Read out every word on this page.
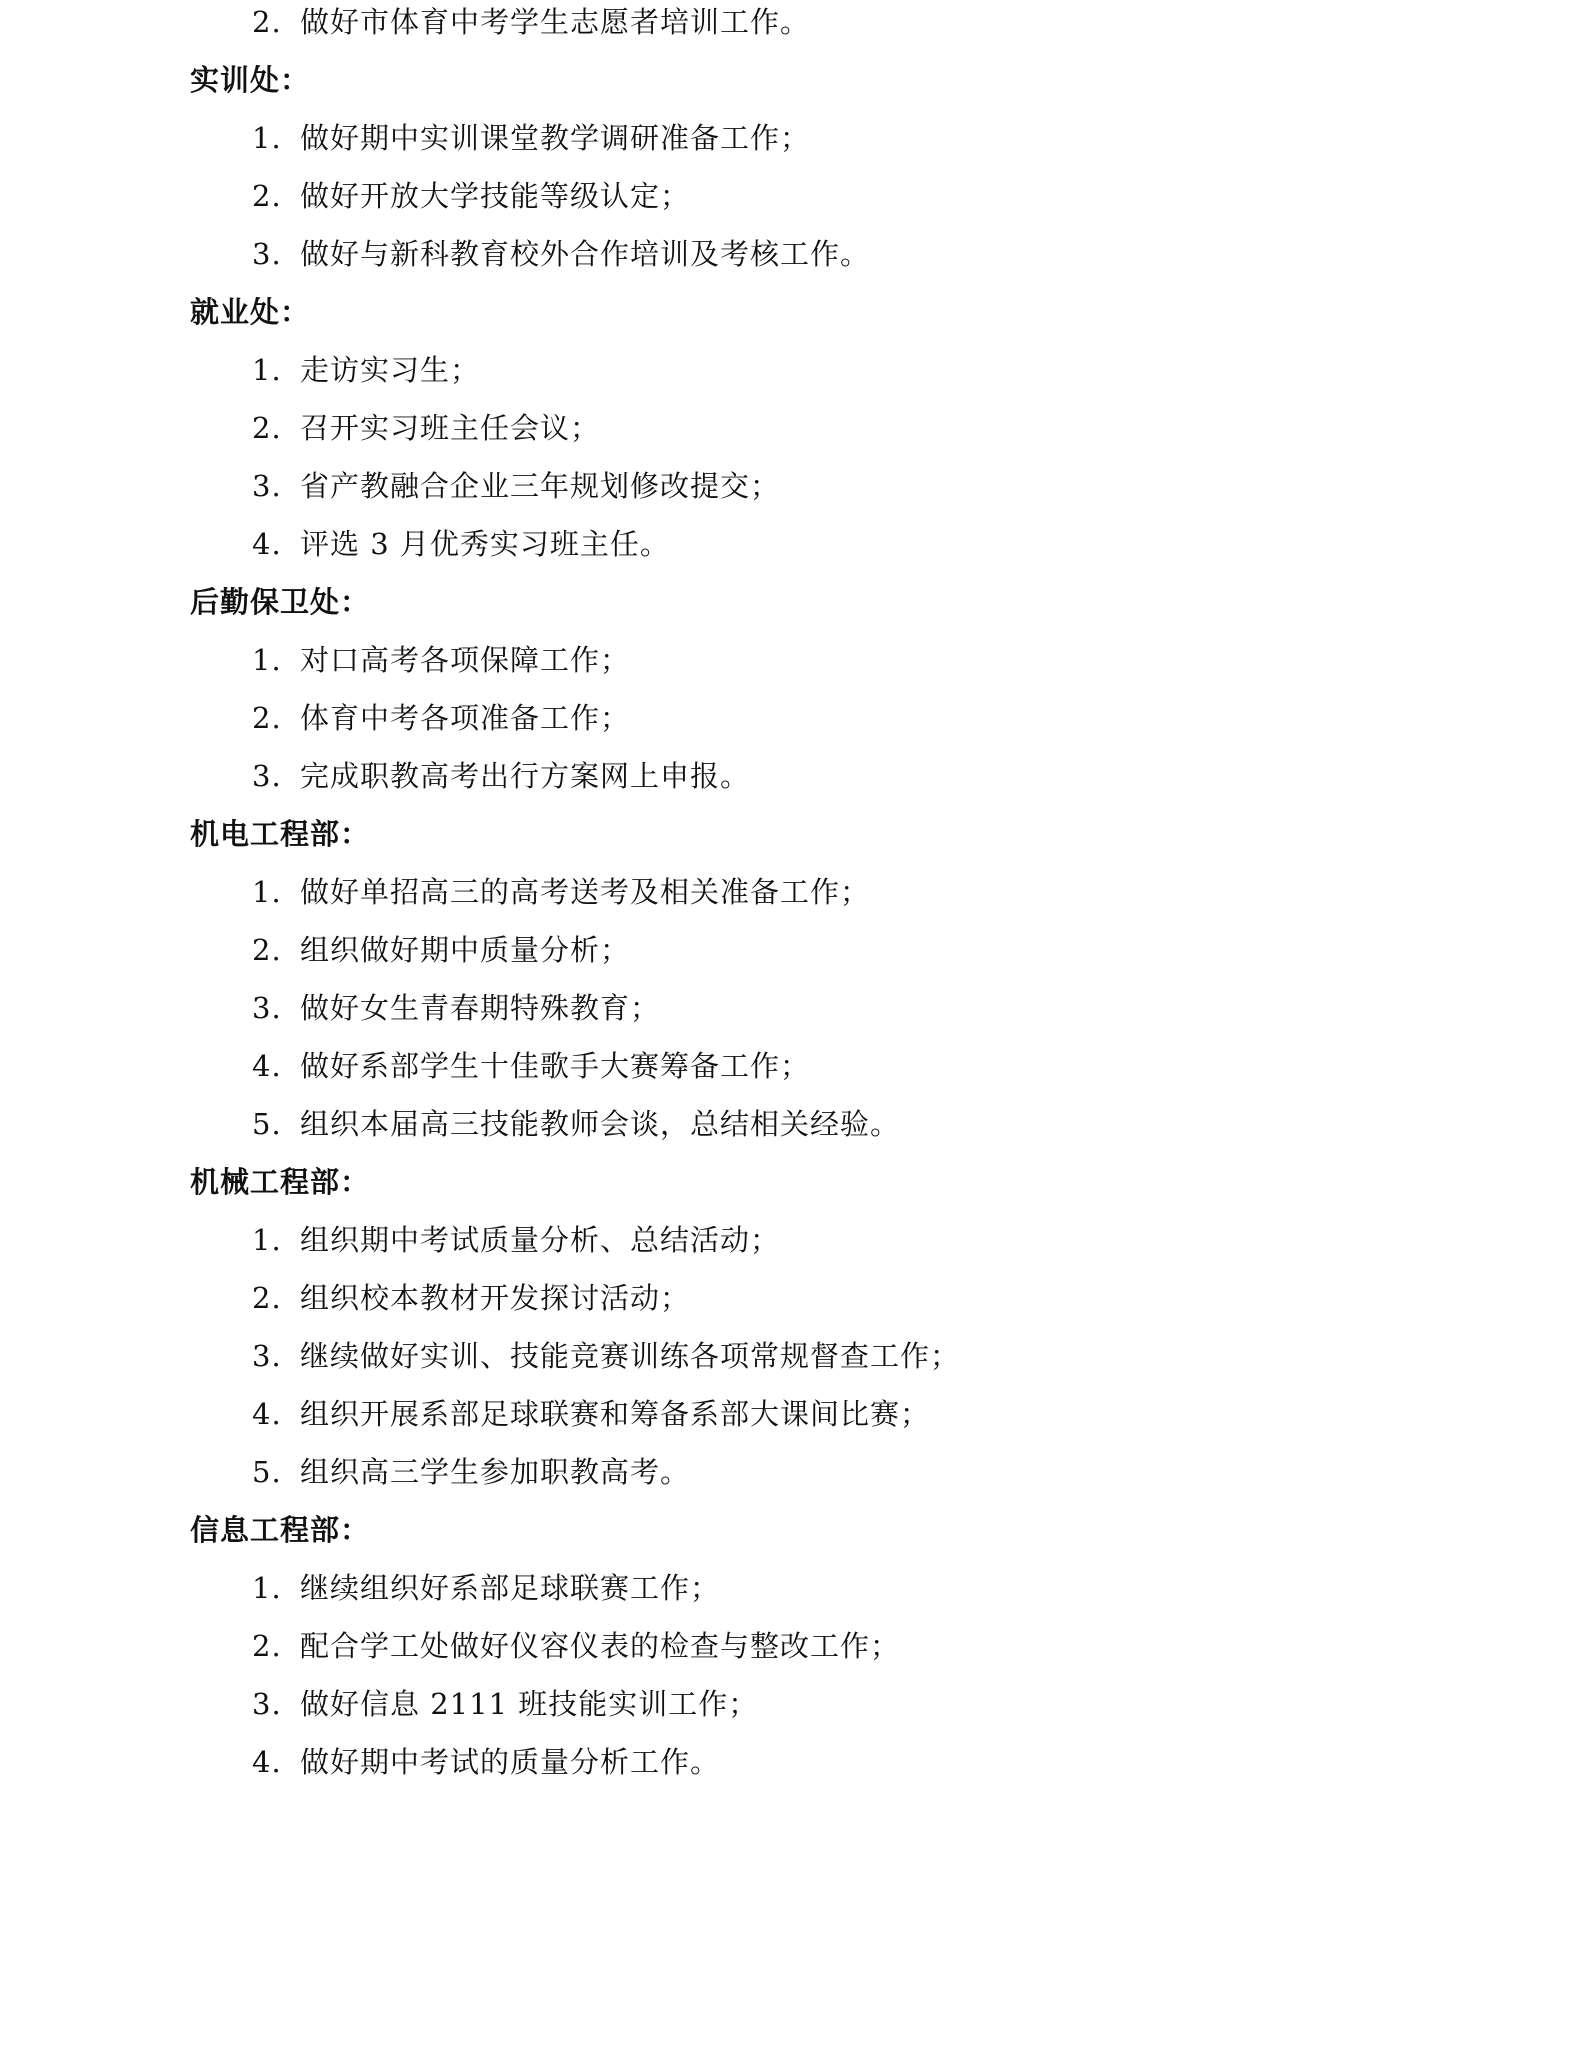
2. 做好市体育中考学生志愿者培训工作。
实训处：
1. 做好期中实训课堂教学调研准备工作；
2. 做好开放大学技能等级认定；
3. 做好与新科教育校外合作培训及考核工作。
就业处：
1. 走访实习生；
2. 召开实习班主任会议；
3. 省产教融合企业三年规划修改提交；
4. 评选 3 月优秀实习班主任。
后勤保卫处：
1. 对口高考各项保障工作；
2. 体育中考各项准备工作；
3. 完成职教高考出行方案网上申报。
机电工程部：
1. 做好单招高三的高考送考及相关准备工作；
2. 组织做好期中质量分析；
3. 做好女生青春期特殊教育；
4. 做好系部学生十佳歌手大赛筹备工作；
5. 组织本届高三技能教师会谈，总结相关经验。
机械工程部：
1. 组织期中考试质量分析、总结活动；
2. 组织校本教材开发探讨活动；
3. 继续做好实训、技能竞赛训练各项常规督查工作；
4. 组织开展系部足球联赛和筹备系部大课间比赛；
5. 组织高三学生参加职教高考。
信息工程部：
1. 继续组织好系部足球联赛工作；
2. 配合学工处做好仪容仪表的检查与整改工作；
3. 做好信息 2111 班技能实训工作；
4. 做好期中考试的质量分析工作。
